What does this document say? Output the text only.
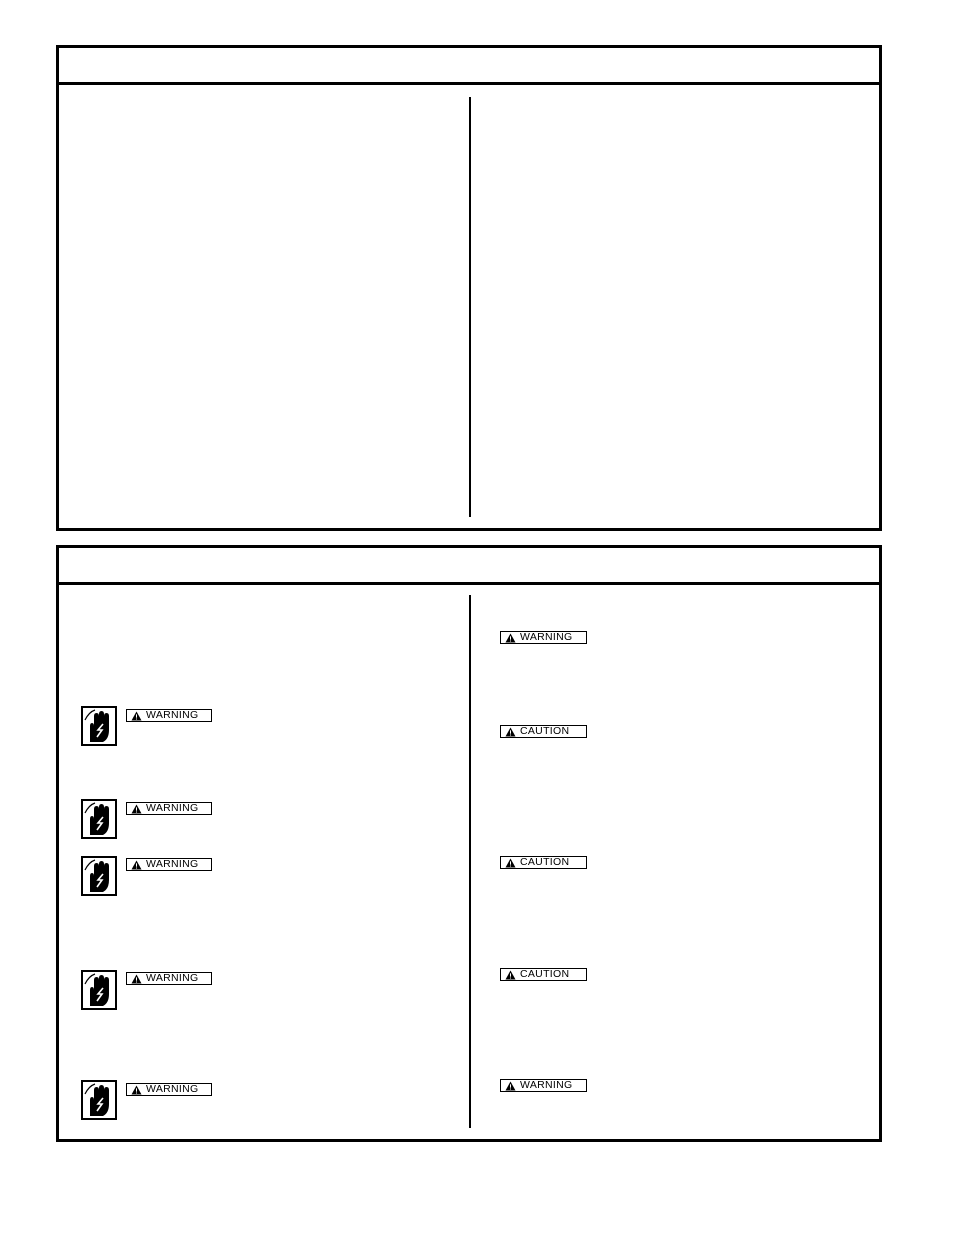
WARNING
WARNING
WARNING
WARNING
WARNING
WARNING
CAUTION
CAUTION
CAUTION
WARNING
